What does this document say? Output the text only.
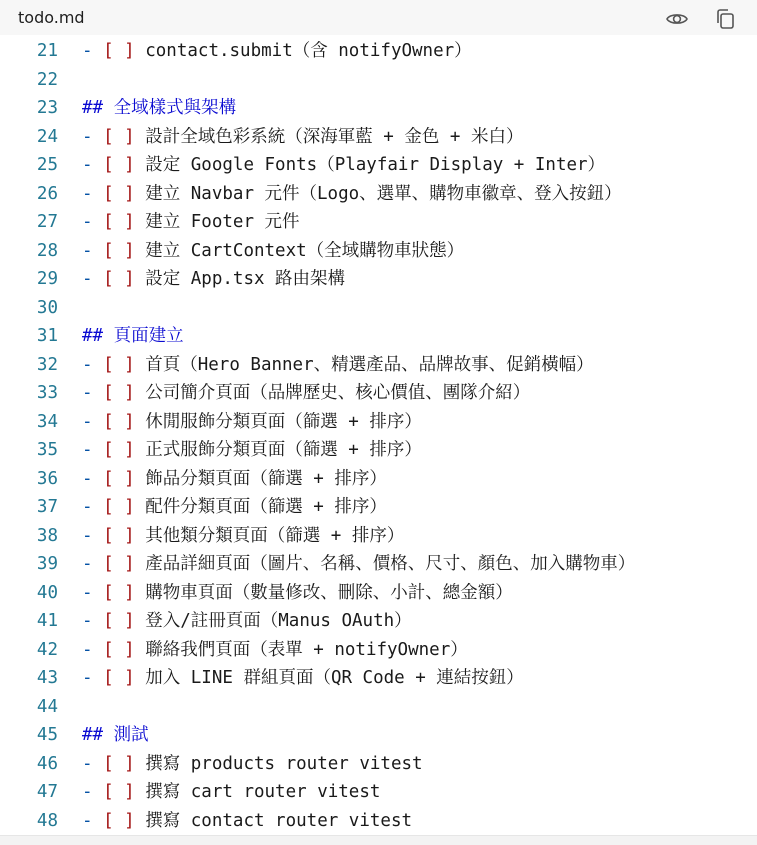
todo.md
21 - [ ] contact.submit（含 notifyOwner）
22
23 ## 全域樣式與架構
24 - [ ] 設計全域色彩系統（深海軍藍 + 金色 + 米白）
25 - [ ] 設定 Google Fonts（Playfair Display + Inter）
26 - [ ] 建立 Navbar 元件（Logo、選單、購物車徽章、登入按鈕）
27 - [ ] 建立 Footer 元件
28 - [ ] 建立 CartContext（全域購物車狀態）
29 - [ ] 設定 App.tsx 路由架構
30
31 ## 頁面建立
32 - [ ] 首頁（Hero Banner、精選產品、品牌故事、促銷橫幅）
33 - [ ] 公司簡介頁面（品牌歷史、核心價值、團隊介紹）
34 - [ ] 休閒服飾分類頁面（篩選 + 排序）
35 - [ ] 正式服飾分類頁面（篩選 + 排序）
36 - [ ] 飾品分類頁面（篩選 + 排序）
37 - [ ] 配件分類頁面（篩選 + 排序）
38 - [ ] 其他類分類頁面（篩選 + 排序）
39 - [ ] 產品詳細頁面（圖片、名稱、價格、尺寸、顏色、加入購物車）
40 - [ ] 購物車頁面（數量修改、刪除、小計、總金額）
41 - [ ] 登入/註冊頁面（Manus OAuth）
42 - [ ] 聯絡我們頁面（表單 + notifyOwner）
43 - [ ] 加入 LINE 群組頁面（QR Code + 連結按鈕）
44
45 ## 測試
46 - [ ] 撰寫 products router vitest
47 - [ ] 撰寫 cart router vitest
48 - [ ] 撰寫 contact router vitest
